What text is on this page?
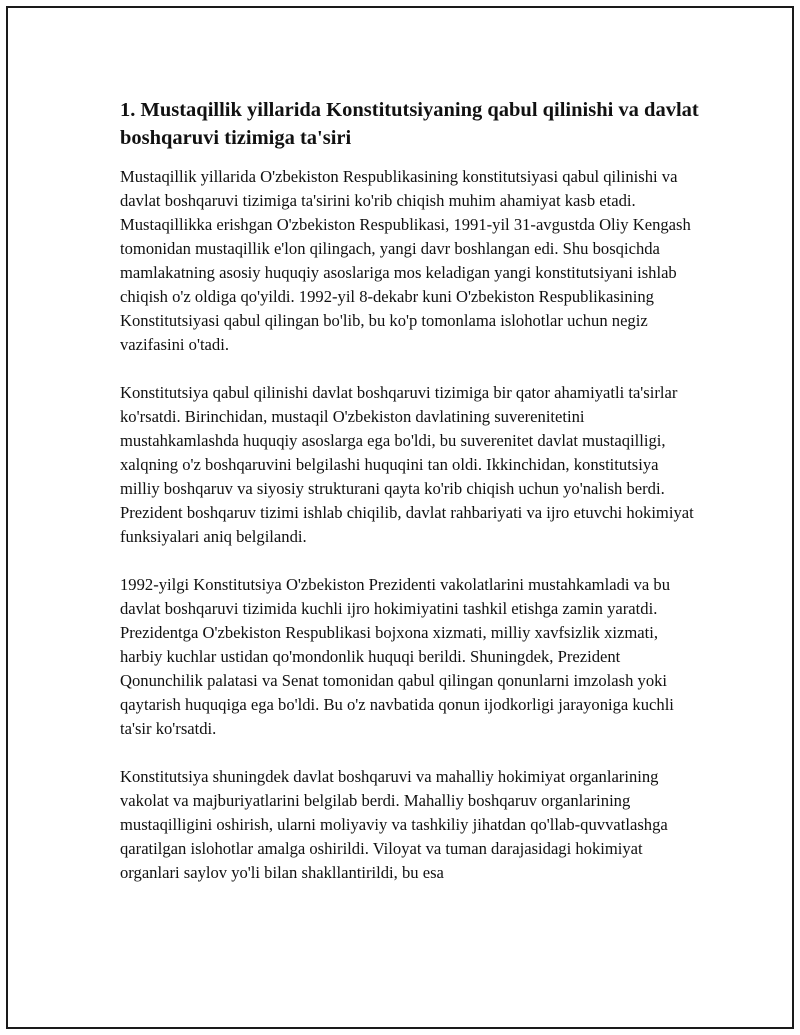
1. Mustaqillik yillarida Konstitutsiyaning qabul qilinishi va davlat boshqaruvi tizimiga ta'siri

Mustaqillik yillarida O'zbekiston Respublikasining konstitutsiyasi qabul qilinishi va davlat boshqaruvi tizimiga ta'sirini ko'rib chiqish muhim ahamiyat kasb etadi. Mustaqillikka erishgan O'zbekiston Respublikasi, 1991-yil 31-avgustda Oliy Kengash tomonidan mustaqillik e'lon qilingach, yangi davr boshlangan edi. Shu bosqichda mamlakatning asosiy huquqiy asoslariga mos keladigan yangi konstitutsiyani ishlab chiqish o'z oldiga qo'yildi. 1992-yil 8-dekabr kuni O'zbekiston Respublikasining Konstitutsiyasi qabul qilingan bo'lib, bu ko'p tomonlama islohotlar uchun negiz vazifasini o'tadi.

Konstitutsiya qabul qilinishi davlat boshqaruvi tizimiga bir qator ahamiyatli ta'sirlar ko'rsatdi. Birinchidan, mustaqil O'zbekiston davlatining suverenitetini mustahkamlashda huquqiy asoslarga ega bo'ldi, bu suverenitet davlat mustaqilligi, xalqning o'z boshqaruvini belgilashi huquqini tan oldi. Ikkinchidan, konstitutsiya milliy boshqaruv va siyosiy strukturani qayta ko'rib chiqish uchun yo'nalish berdi. Prezident boshqaruv tizimi ishlab chiqilib, davlat rahbariyati va ijro etuvchi hokimiyat funksiyalari aniq belgilandi.

1992-yilgi Konstitutsiya O'zbekiston Prezidenti vakolatlarini mustahkamladi va bu davlat boshqaruvi tizimida kuchli ijro hokimiyatini tashkil etishga zamin yaratdi. Prezidentga O'zbekiston Respublikasi bojxona xizmati, milliy xavfsizlik xizmati, harbiy kuchlar ustidan qo'mondonlik huquqi berildi. Shuningdek, Prezident Qonunchilik palatasi va Senat tomonidan qabul qilingan qonunlarni imzolash yoki qaytarish huquqiga ega bo'ldi. Bu o'z navbatida qonun ijodkorligi jarayoniga kuchli ta'sir ko'rsatdi.

Konstitutsiya shuningdek davlat boshqaruvi va mahalliy hokimiyat organlarining vakolat va majburiyatlarini belgilab berdi. Mahalliy boshqaruv organlarining mustaqilligini oshirish, ularni moliyaviy va tashkiliy jihatdan qo'llab-quvvatlashga qaratilgan islohotlar amalga oshirildi. Viloyat va tuman darajasidagi hokimiyat organlari saylov yo'li bilan shakllantirildi, bu esa
